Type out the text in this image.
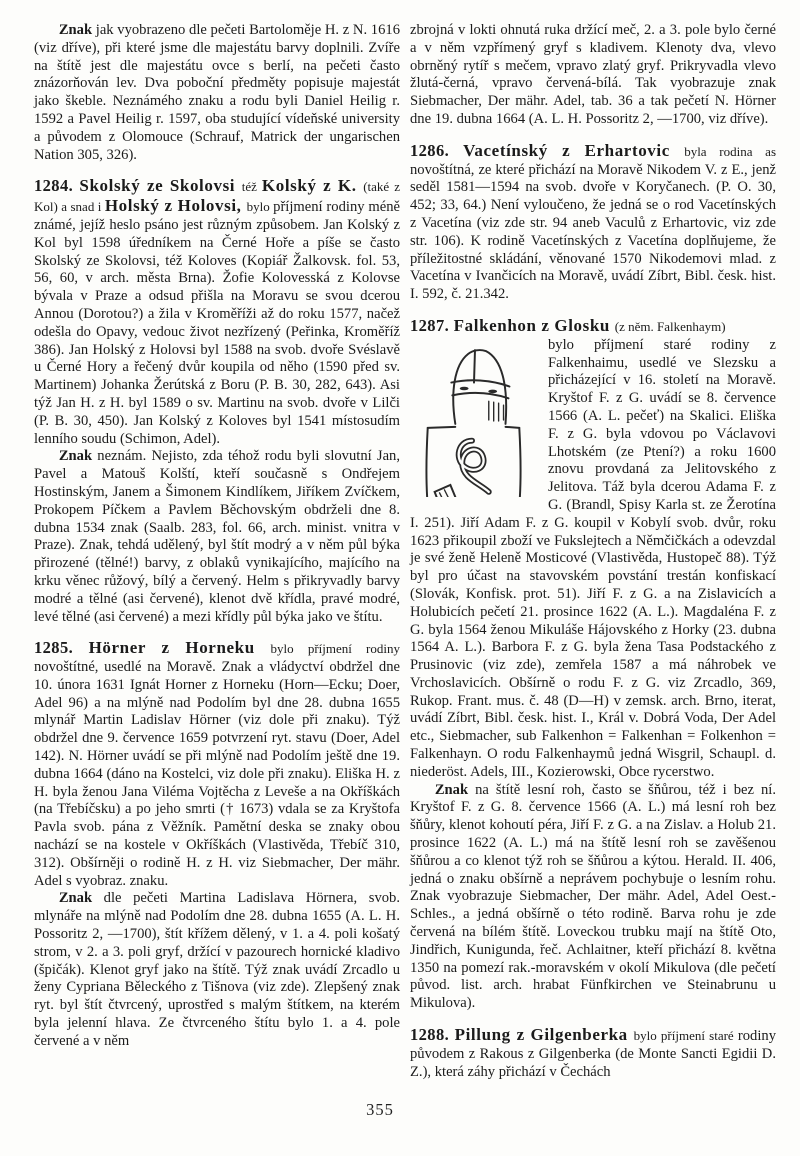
Znak jak vyobrazeno dle pečeti Bartoloměje H. z N. 1616 (viz dříve), při které jsme dle majestátu barvy doplnili. Zvíře na štítě jest dle majestátu ovce s berlí, na pečeti často znázorňován lev. Dva poboční předměty popisuje majestát jako škeble. Neznámého znaku a rodu byli Daniel Heilig r. 1592 a Pavel Heilig r. 1597, oba studující vídeňské university a původem z Olomouce (Schrauf, Matrick der ungarischen Nation 305, 326).

1284. Skolský ze Skolovsi též Kolský z K. (také z Kol) a snad i Holský z Holovsi, bylo příjmení rodiny méně známé, jejíž heslo psáno jest různým způsobem. Jan Kolský z Kol byl 1598 úředníkem na Černé Hoře a píše se často Skolský ze Skolovsi, též Koloves (Kopiář Žalkovsk. fol. 53, 56, 60, v arch. města Brna). Žofie Kolovesská z Kolovse bývala v Praze a odsud přišla na Moravu se svou dcerou Annou (Dorotou?) a žila v Kroměříži až do roku 1577, načež odešla do Opavy, vedouc život nezřízený (Peřinka, Kroměříž 386). Jan Holský z Holovsi byl 1588 na svob. dvoře Svéslavě u Černé Hory a řečený dvůr koupila od něho (1590 před sv. Martinem) Johanka Žerútská z Boru (P. B. 30, 282, 643). Asi týž Jan H. z H. byl 1589 o sv. Martinu na svob. dvoře v Lilči (P. B. 30, 450). Jan Kolský z Koloves byl 1541 místosudím lenního soudu (Schimon, Adel).

Znak neznám. Nejisto, zda téhož rodu byli slovutní Jan, Pavel a Matouš Kolští, kteří současně s Ondřejem Hostinským, Janem a Šimonem Kindlíkem, Jiříkem Zvíčkem, Prokopem Píčkem a Pavlem Běchovským obdrželi dne 8. dubna 1534 znak (Saalb. 283, fol. 66, arch. minist. vnitra v Praze). Znak, tehdá udělený, byl štít modrý a v něm půl býka přirozené (tělné!) barvy, z oblaků vynikajícího, majícího na krku věnec růžový, bílý a červený. Helm s přikryvadly barvy modré a tělné (asi červené), klenot dvě křídla, pravé modré, levé tělné (asi červené) a mezi křídly půl býka jako ve štítu.

1285. Hörner z Horneku bylo příjmení rodiny novoštítné, usedlé na Moravě. Znak a vládyctví obdržel dne 10. února 1631 Ignát Horner z Horneku (Horn—Ecku; Doer, Adel 96) a na mlýně nad Podolím byl dne 28. dubna 1655 mlynář Martin Ladislav Hörner (viz dole při znaku). Týž obdržel dne 9. července 1659 potvrzení ryt. stavu (Doer, Adel 142). N. Hörner uvádí se při mlýně nad Podolím ještě dne 19. dubna 1664 (dáno na Kostelci, viz dole při znaku). Eliška H. z H. byla ženou Jana Viléma Vojtěcha z Leveše a na Okříškách (na Třebíčsku) a po jeho smrti († 1673) vdala se za Kryštofa Pavla svob. pána z Věžník. Pamětní deska se znaky obou nachází se na kostele v Okříškách (Vlastivěda, Třebíč 310, 312). Obšírněji o rodině H. z H. viz Siebmacher, Der mähr. Adel s vyobraz. znaku.

Znak dle pečeti Martina Ladislava Hörnera, svob. mlynáře na mlýně nad Podolím dne 28. dubna 1655 (A. L. H. Possoritz 2, —1700), štít křížem dělený, v 1. a 4. poli košatý strom, v 2. a 3. poli gryf, držící v pazourech hornické kladivo (špičák). Klenot gryf jako na štítě. Týž znak uvádí Zrcadlo u ženy Cypriana Běleckého z Tišnova (viz zde). Zlepšený znak ryt. byl štít čtvrcený, uprostřed s malým štítkem, na kterém byla jelenní hlava. Ze čtvrceného štítu bylo 1. a 4. pole červené a v něm

zbrojná v lokti ohnutá ruka držící meč, 2. a 3. pole bylo černé a v něm vzpřímený gryf s kladivem. Klenoty dva, vlevo obrněný rytíř s mečem, vpravo zlatý gryf. Prikryvadla vlevo žlutá-černá, vpravo červená-bílá. Tak vyobrazuje znak Siebmacher, Der mähr. Adel, tab. 36 a tak pečetí N. Hörner dne 19. dubna 1664 (A. L. H. Possoritz 2, —1700, viz dříve).

1286. Vacetínský z Erhartovic byla rodina as novoštítná, ze které přichází na Moravě Nikodem V. z E., jenž seděl 1581—1594 na svob. dvoře v Koryčanech. (P. O. 30, 452; 33, 64.) Není vyloučeno, že jedná se o rod Vacetínských z Vacetína (viz zde str. 94 aneb Vaculů z Erhartovic, viz zde str. 106). K rodině Vacetínských z Vacetína doplňujeme, že příležitostné skládání, věnované 1570 Nikodemovi mlad. z Vacetína v Ivančicích na Moravě, uvádí Zíbrt, Bibl. česk. hist. I. 592, č. 21.342.

1287. Falkenhon z Glosku (z něm. Falkenhaym)

bylo příjmení staré rodiny z Falkenhaimu, usedlé ve Slezsku a přicházející v 16. století na Moravě. Kryštof F. z G. uvádí se 8. července 1566 (A. L. pečeť) na Skalici. Eliška F. z G. byla vdovou po Václavovi Lhotském (ze Ptení?) a roku 1600 znovu provdaná za Jelitovského z Jelitova. Táž byla dcerou Adama F. z G. (Brandl, Spisy Karla st. ze Žerotína I. 251). Jiří Adam F. z G. koupil v Kobylí svob. dvůr, roku 1623 přikoupil zboží ve Fukslejtech a Němčičkách a odevzdal je své ženě Heleně Mosticové (Vlastivěda, Hustopeč 88). Týž byl pro účast na stavovském povstání trestán konfiskací (Slovák, Konfisk. prot. 51). Jiří F. z G. a na Zislavicích a Holubicích pečetí 21. prosince 1622 (A. L.). Magdaléna F. z G. byla 1564 ženou Mikuláše Hájovského z Horky (23. dubna 1564 A. L.). Barbora F. z G. byla žena Tasa Podstackého z Prusinovic (viz zde), zemřela 1587 a má náhrobek ve Vrchoslavicích. Obšírně o rodu F. z G. viz Zrcadlo, 369, Rukop. Frant. mus. č. 48 (D—H) v zemsk. arch. Brno, iterat, uvádí Zíbrt, Bibl. česk. hist. I., Král v. Dobrá Voda, Der Adel etc., Siebmacher, sub Falkenhon = Falkenhan = Folkenhon = Falkenhayn. O rodu Falkenhaymů jedná Wisgril, Schaupl. d. niederöst. Adels, III., Kozierowski, Obce rycerstwo.

Znak na štítě lesní roh, často se šňůrou, též i bez ní. Kryštof F. z G. 8. července 1566 (A. L.) má lesní roh bez šňůry, klenot kohoutí péra, Jiří F. z G. a na Zislav. a Holub 21. prosince 1622 (A. L.) má na štítě lesní roh se zavěšenou šňůrou a co klenot týž roh se šňůrou a kýtou. Herald. II. 406, jedná o znaku obšírně a neprávem pochybuje o lesním rohu. Znak vyobrazuje Siebmacher, Der mähr. Adel, Adel Oest.-Schles., a jedná obšírně o této rodině. Barva rohu je zde červená na bílém štítě. Loveckou trubku mají na štítě Oto, Jindřich, Kunigunda, řeč. Achlaitner, kteří přichází 8. května 1350 na pomezí rak.-moravském v okolí Mikulova (dle pečetí původ. list. arch. hrabat Fünfkirchen ve Steinabrunu u Mikulova).

1288. Pillung z Gilgenberka bylo příjmení staré rodiny původem z Rakous z Gilgenberka (de Monte Sancti Egidii D. Z.), která záhy přichází v Čechách

355
